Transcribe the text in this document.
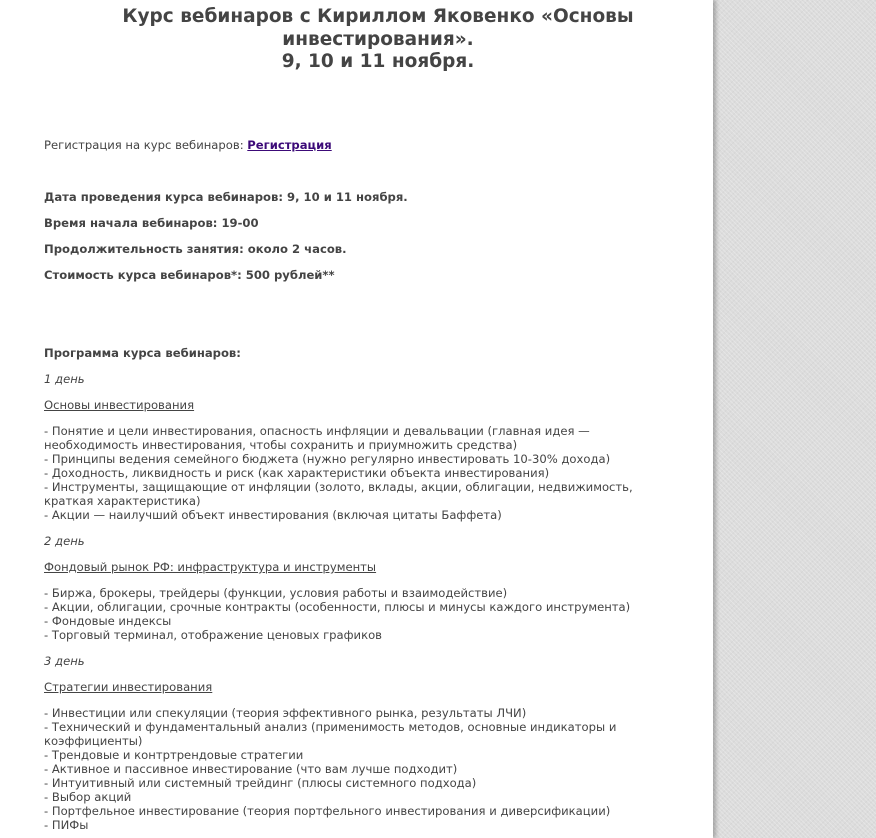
Курс вебинаров с Кириллом Яковенко «Основы инвестирования».
9, 10 и 11 ноября.
Регистрация на курс вебинаров: Регистрация
Дата проведения курса вебинаров: 9, 10 и 11 ноября.
Время начала вебинаров: 19-00
Продолжительность занятия: около 2 часов.
Стоимость курса вебинаров*: 500 рублей**
Программа курса вебинаров:
1 день
Основы инвестирования
- Понятие и цели инвестирования, опасность инфляции и девальвации (главная идея — необходимость инвестирования, чтобы сохранить и приумножить средства)
- Принципы ведения семейного бюджета (нужно регулярно инвестировать 10-30% дохода)
- Доходность, ликвидность и риск (как характеристики объекта инвестирования)
- Инструменты, защищающие от инфляции (золото, вклады, акции, облигации, недвижимость, краткая характеристика)
- Акции — наилучший объект инвестирования (включая цитаты Баффета)
2 день
Фондовый рынок РФ: инфраструктура и инструменты
- Биржа, брокеры, трейдеры (функции, условия работы и взаимодействие)
- Акции, облигации, срочные контракты (особенности, плюсы и минусы каждого инструмента)
- Фондовые индексы
- Торговый терминал, отображение ценовых графиков
3 день
Стратегии инвестирования
- Инвестиции или спекуляции (теория эффективного рынка, результаты ЛЧИ)
- Технический и фундаментальный анализ (применимость методов, основные индикаторы и коэффициенты)
- Трендовые и контртрендовые стратегии
- Активное и пассивное инвестирование (что вам лучше подходит)
- Интуитивный или системный трейдинг (плюсы системного подхода)
- Выбор акций
- Портфельное инвестирование (теория портфельного инвестирования и диверсификации)
- ПИФы
